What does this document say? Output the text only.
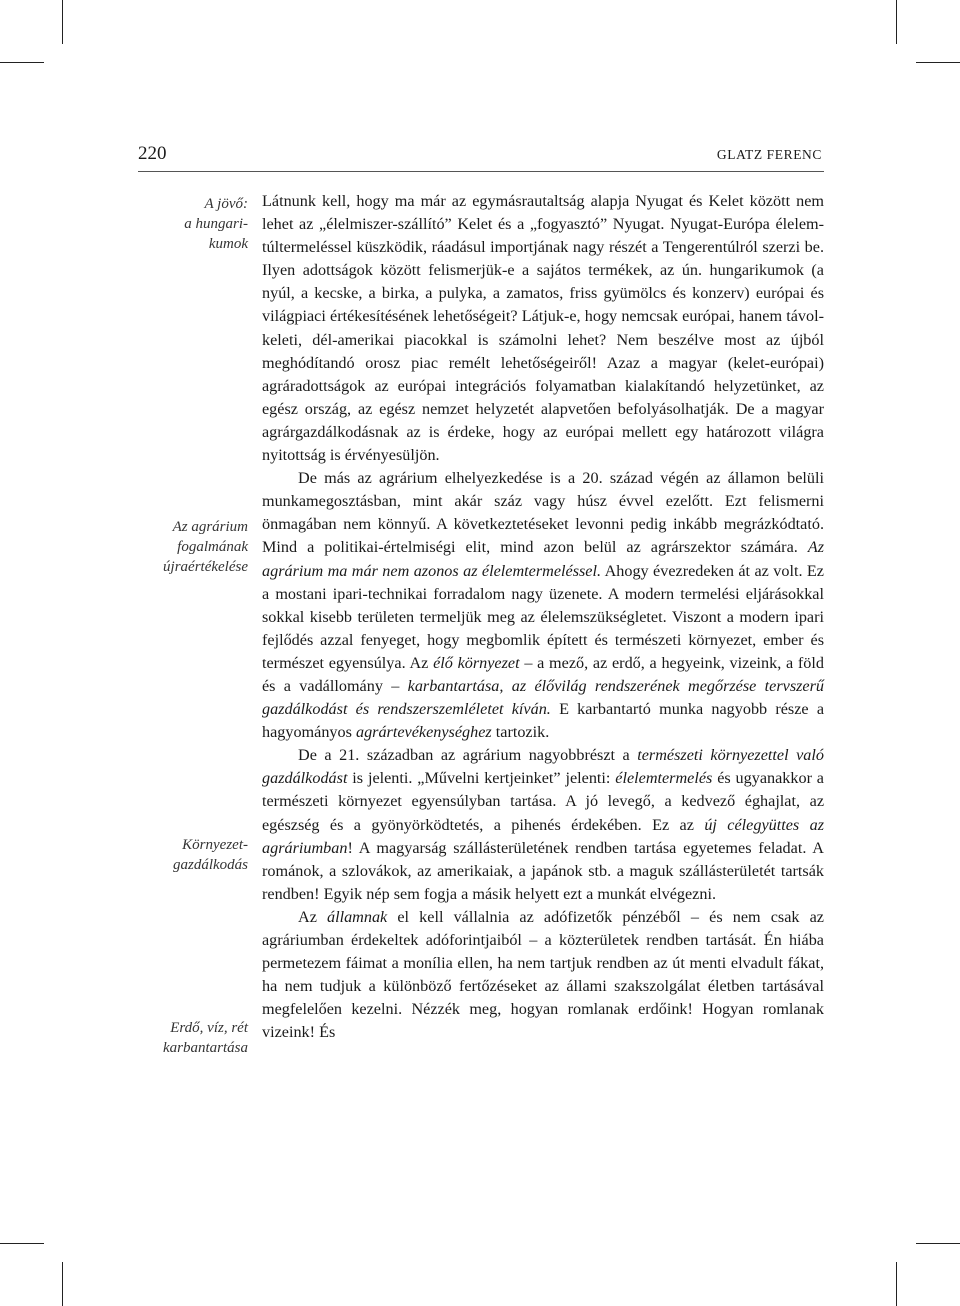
220	GLATZ FERENC
A jövő:
a hungari-
kumok
Az agrárium
fogalmának
újraértékelése
Környezet-
gazdálkodás
Erdő, víz, rét
karbantartása

Látnunk kell, hogy ma már az egymásrautaltság alapja Nyugat és Kelet között nem lehet az „élelmiszer-szállító” Kelet és a „fogyasztó” Nyugat. Nyugat-Európa élelem-túltermeléssel küszködik, ráadásul importjának nagy részét a Tengerentúlról szerzi be. Ilyen adottságok között felismerjük-e a sajátos termékek, az ún. hungarikumok (a nyúl, a kecske, a birka, a pulyka, a zamatos, friss gyümölcs és konzerv) európai és világpiaci értékesítésének lehetőségeit? Látjuk-e, hogy nemcsak európai, hanem távol-keleti, dél-amerikai piacokkal is számolni lehet? Nem beszélve most az újból meghódítandó orosz piac remélt lehetőségeiről! Azaz a magyar (kelet-európai) agráradottságok az európai integrációs folyamatban kialakítandó helyzetünket, az egész ország, az egész nemzet helyzetét alapvetően befolyásolhatják. De a magyar agrárgazdálkodásnak az is érdeke, hogy az európai mellett egy határozott világra nyitottság is érvényesüljön.

De más az agrárium elhelyezkedése is a 20. század végén az államon belüli munkamegosztásban, mint akár száz vagy húsz évvel ezelőtt. Ezt felismerni önmagában nem könnyű. A következtetéseket levonni pedig inkább megrázkódtató. Mind a politikai-értelmiségi elit, mind azon belül az agrárszektor számára. Az agrárium ma már nem azonos az élelemtermeléssel. Ahogy évezredeken át az volt. Ez a mostani ipari-technikai forradalom nagy üzenete. A modern termelési eljárásokkal sokkal kisebb területen termeljük meg az élelemszükségletet. Viszont a modern ipari fejlődés azzal fenyeget, hogy megbomlik épített és természeti környezet, ember és természet egyensúlya. Az élő környezet – a mező, az erdő, a hegyeink, vizeink, a föld és a vadállomány – karbantartása, az élővilág rendszerének megőrzése tervszerű gazdálkodást és rendszerszemléletet kíván. E karbantartó munka nagyobb része a hagyományos agrártevékenységhez tartozik.

De a 21. században az agrárium nagyobbrészt a természeti környezettel való gazdálkodást is jelenti. „Művelni kertjeinket” jelenti: élelemtermelés és ugyanakkor a természeti környezet egyensúlyban tartása. A jó levegő, a kedvező éghajlat, az egészség és a gyönyörködtetés, a pihenés érdekében. Ez az új célegyüttes az agráriumban! A magyarság szállásterületének rendben tartása egyetemes feladat. A románok, a szlovákok, az amerikaiak, a japánok stb. a maguk szállásterületét tartsák rendben! Egyik nép sem fogja a másik helyett ezt a munkát elvégezni.

Az államnak el kell vállalnia az adófizetők pénzéből – és nem csak az agráriumban érdekeltek adóforintjaiból – a közterületek rendben tartását. Én hiába permetezem fáimat a monília ellen, ha nem tartjuk rendben az út menti elvadult fákat, ha nem tudjuk a különböző fertőzéseket az állami szakszolgálat életben tartásával megfelelően kezelni. Nézzék meg, hogyan romlanak erdőink! Hogyan romlanak vizeink! És
